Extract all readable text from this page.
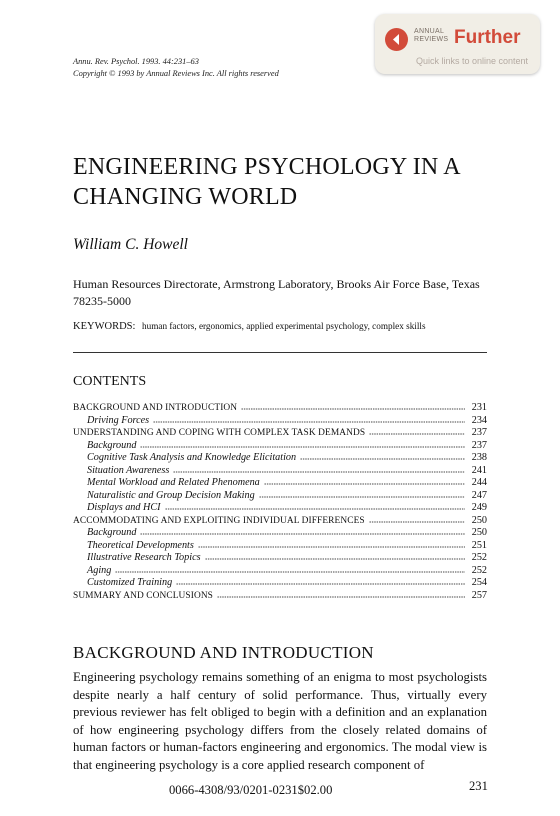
Annu. Rev. Psychol. 1993. 44:231–63
Copyright © 1993 by Annual Reviews Inc. All rights reserved
ANNUAL
REVIEWS Further
Quick links to online content
ENGINEERING PSYCHOLOGY IN A
CHANGING WORLD
William C. Howell
Human Resources Directorate, Armstrong Laboratory, Brooks Air Force Base, Texas 78235-5000
KEYWORDS: human factors, ergonomics, applied experimental psychology, complex skills
CONTENTS
BACKGROUND AND INTRODUCTION	231
Driving Forces	234
UNDERSTANDING AND COPING WITH COMPLEX TASK DEMANDS	237
Background	237
Cognitive Task Analysis and Knowledge Elicitation	238
Situation Awareness	241
Mental Workload and Related Phenomena	244
Naturalistic and Group Decision Making	247
Displays and HCI	249
ACCOMMODATING AND EXPLOITING INDIVIDUAL DIFFERENCES	250
Background	250
Theoretical Developments	251
Illustrative Research Topics	252
Aging	252
Customized Training	254
SUMMARY AND CONCLUSIONS	257
BACKGROUND AND INTRODUCTION

Engineering psychology remains something of an enigma to most psychologists despite nearly a half century of solid performance. Thus, virtually every previous reviewer has felt obliged to begin with a definition and an explanation of how engineering psychology differs from the closely related domains of human factors or human-factors engineering and ergonomics. The modal view is that engineering psychology is a core applied research component of

0066-4308/93/0201-0231$02.00	231
